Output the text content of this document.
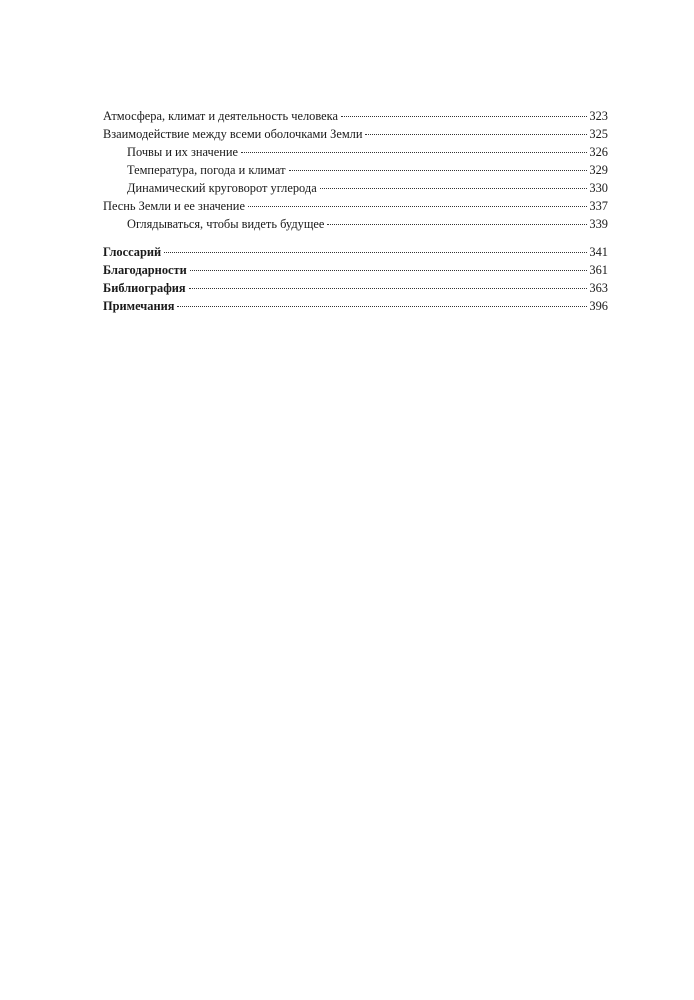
Атмосфера, климат и деятельность человека	323
Взаимодействие между всеми оболочками Земли	325
Почвы и их значение	326
Температура, погода и климат	329
Динамический круговорот углерода	330
Песнь Земли и ее значение	337
Оглядываться, чтобы видеть будущее	339
Глоссарий	341
Благодарности	361
Библиография	363
Примечания	396
